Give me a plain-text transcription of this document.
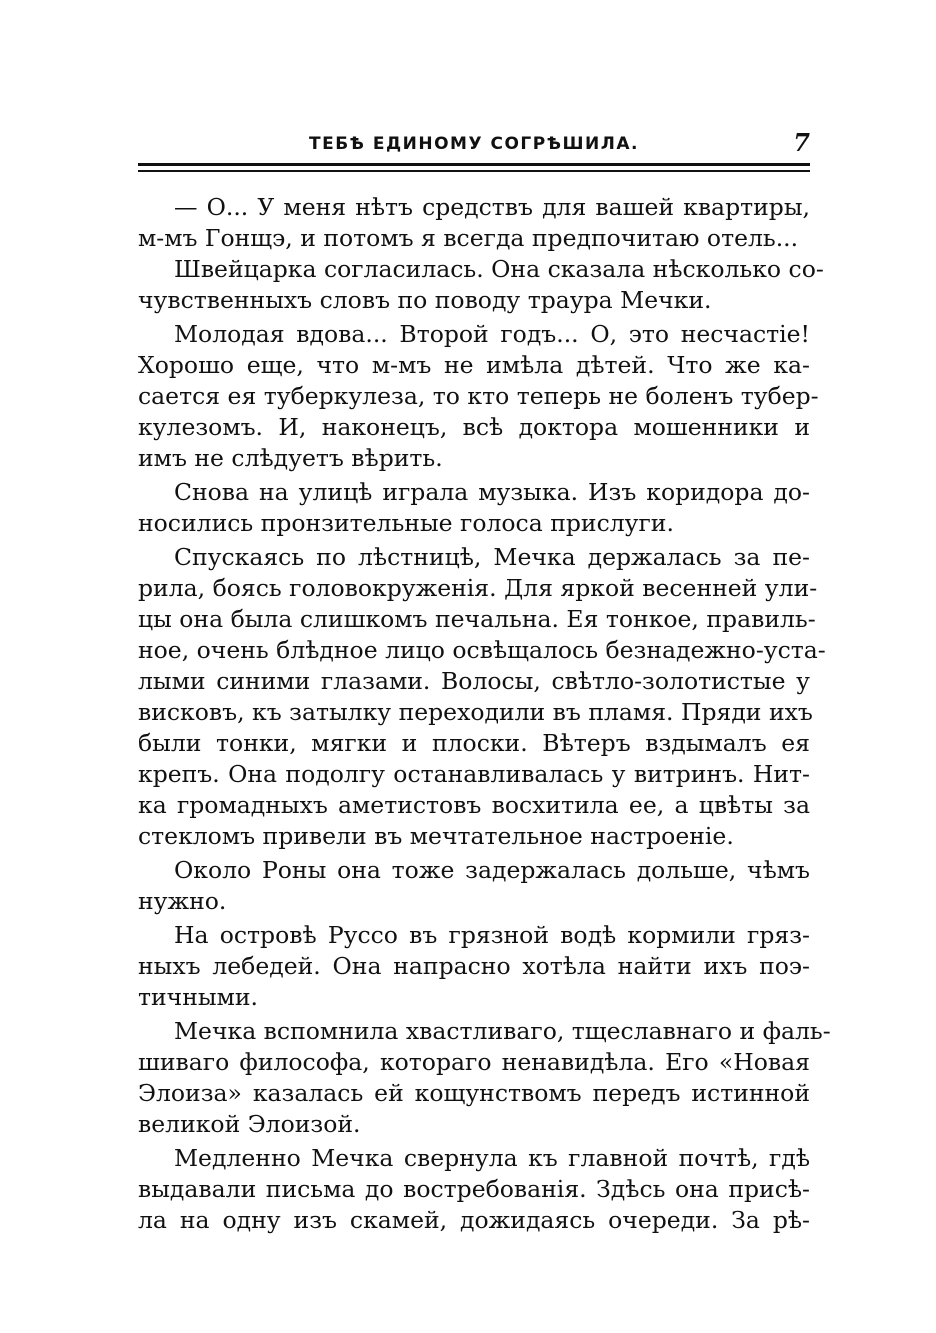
ТЕБѢ ЕДИНОМУ СОГРѢШИЛА.	7
— О... У меня нѣтъ средствъ для вашей квартиры,
м-мъ Гонщэ, и потомъ я всегда предпочитаю отель...
Швейцарка согласилась. Она сказала нѣсколько со-
чувственныхъ словъ по поводу траура Мечки.
Молодая вдова... Второй годъ... О, это несчастіе!
Хорошо еще, что м-мъ не имѣла дѣтей. Что же ка-
сается ея туберкулеза, то кто теперь не боленъ тубер-
кулезомъ. И, наконецъ, всѣ доктора мошенники и
имъ не слѣдуетъ вѣрить.
Снова на улицѣ играла музыка. Изъ коридора до-
носились пронзительные голоса прислуги.
Спускаясь по лѣстницѣ, Мечка держалась за пе-
рила, боясь головокруженія. Для яркой весенней ули-
цы она была слишкомъ печальна. Ея тонкое, правиль-
ное, очень блѣдное лицо освѣщалось безнадежно-уста-
лыми синими глазами. Волосы, свѣтло-золотистые у
висковъ, къ затылку переходили въ пламя. Пряди ихъ
были тонки, мягки и плоски. Вѣтеръ вздымалъ ея
крепъ. Она подолгу останавливалась у витринъ. Нит-
ка громадныхъ аметистовъ восхитила ее, а цвѣты за
стекломъ привели въ мечтательное настроеніе.
Около Роны она тоже задержалась дольше, чѣмъ
нужно.
На островѣ Руссо въ грязной водѣ кормили гряз-
ныхъ лебедей. Она напрасно хотѣла найти ихъ поэ-
тичными.
Мечка вспомнила хвастливаго, тщеславнаго и фаль-
шиваго философа, котораго ненавидѣла. Его «Новая
Элоиза» казалась ей кощунствомъ передъ истинной
великой Элоизой.
Медленно Мечка свернула къ главной почтѣ, гдѣ
выдавали письма до востребованія. Здѣсь она присѣ-
ла на одну изъ скамей, дожидаясь очереди. За рѣ-
